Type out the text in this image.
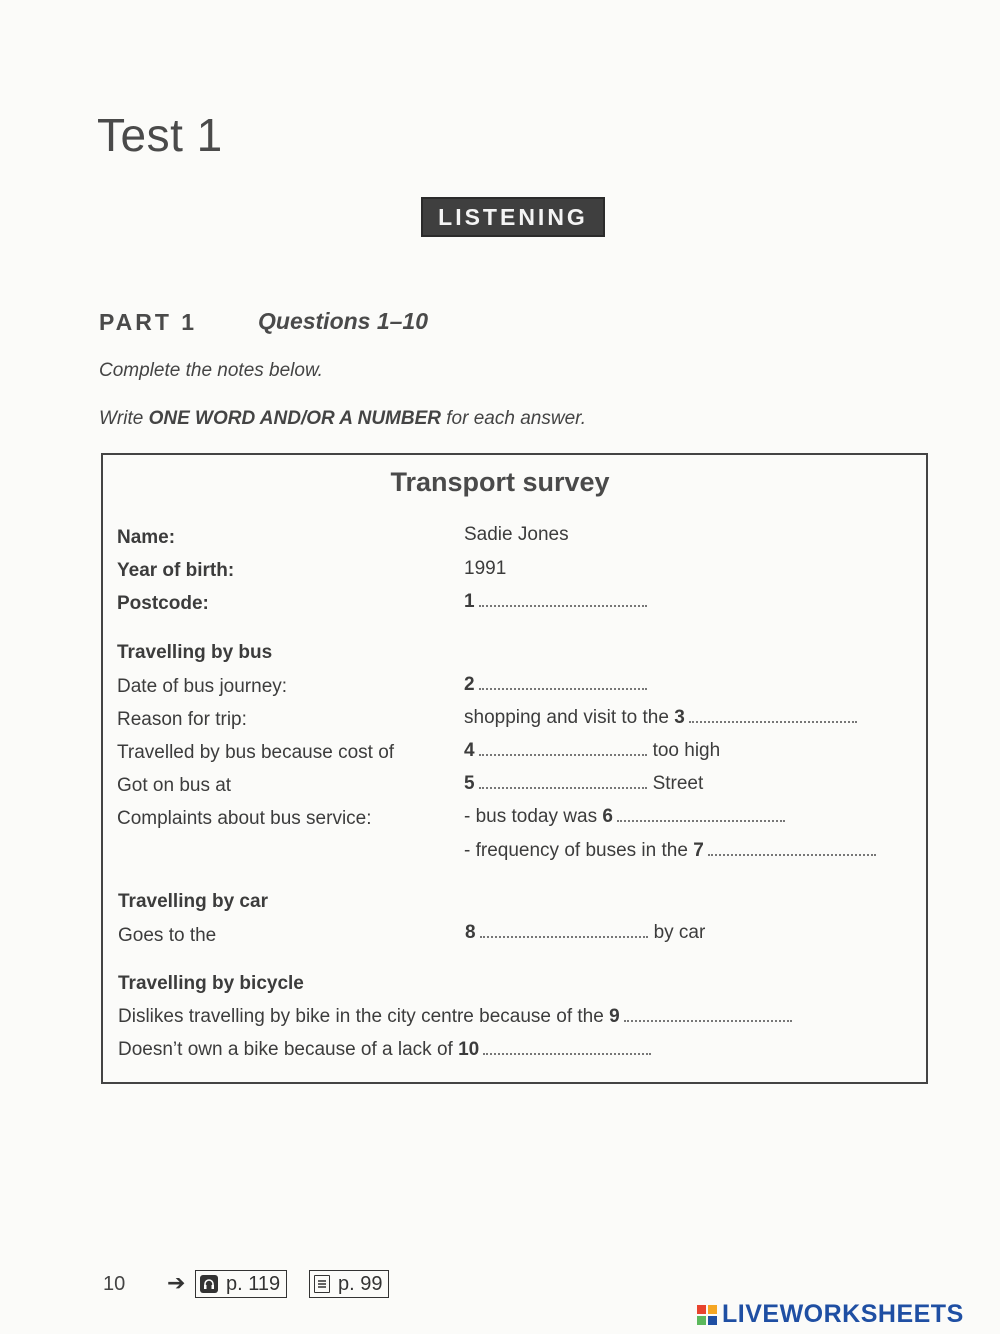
Test 1
LISTENING
PART 1	Questions 1–10
Complete the notes below.
Write ONE WORD AND/OR A NUMBER for each answer.
Transport survey
Name:	Sadie Jones
Year of birth:	1991
Postcode:	1
Travelling by bus
Date of bus journey:	2
Reason for trip:	shopping and visit to the 3
Travelled by bus because cost of	4	too high
Got on bus at	5	Street
Complaints about bus service:	- bus today was 6
- frequency of buses in the 7
Travelling by car
Goes to the	8	by car
Travelling by bicycle
Dislikes travelling by bike in the city centre because of the 9
Doesn’t own a bike because of a lack of 10
10 ➔ p. 119	p. 99
LIVEWORKSHEETS
